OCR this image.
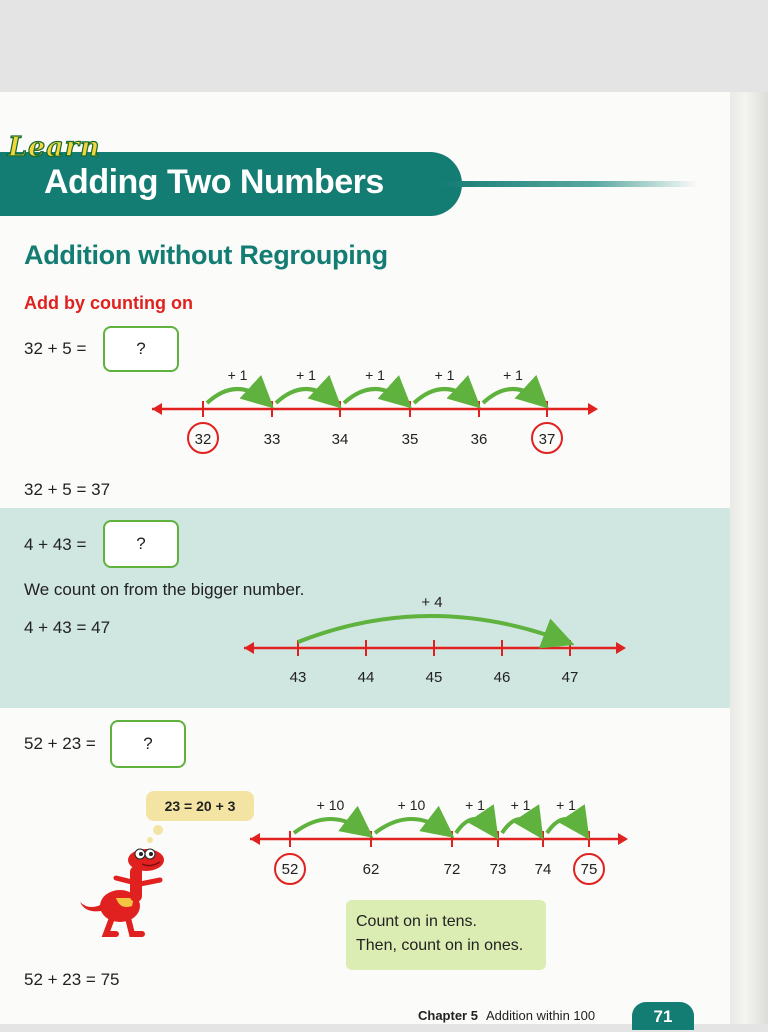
Learn
Adding Two Numbers
Addition without Regrouping
Add by counting on
32 + 5 =	?
+ 1	+ 1	+ 1	+ 1	+ 1
32	33	34	35	36	37
32 + 5 = 37
4 + 43 =	?
We count on from the bigger number.
4 + 43 = 47
+ 4
43	44	45	46	47
52 + 23 =	?
23 = 20 + 3	+ 10	+ 10	+ 1 + 1 + 1
52	62	72 73 74 75
Count on in tens.
Then, count on in ones.
52 + 23 = 75
Chapter 5 Addition within 100	71
